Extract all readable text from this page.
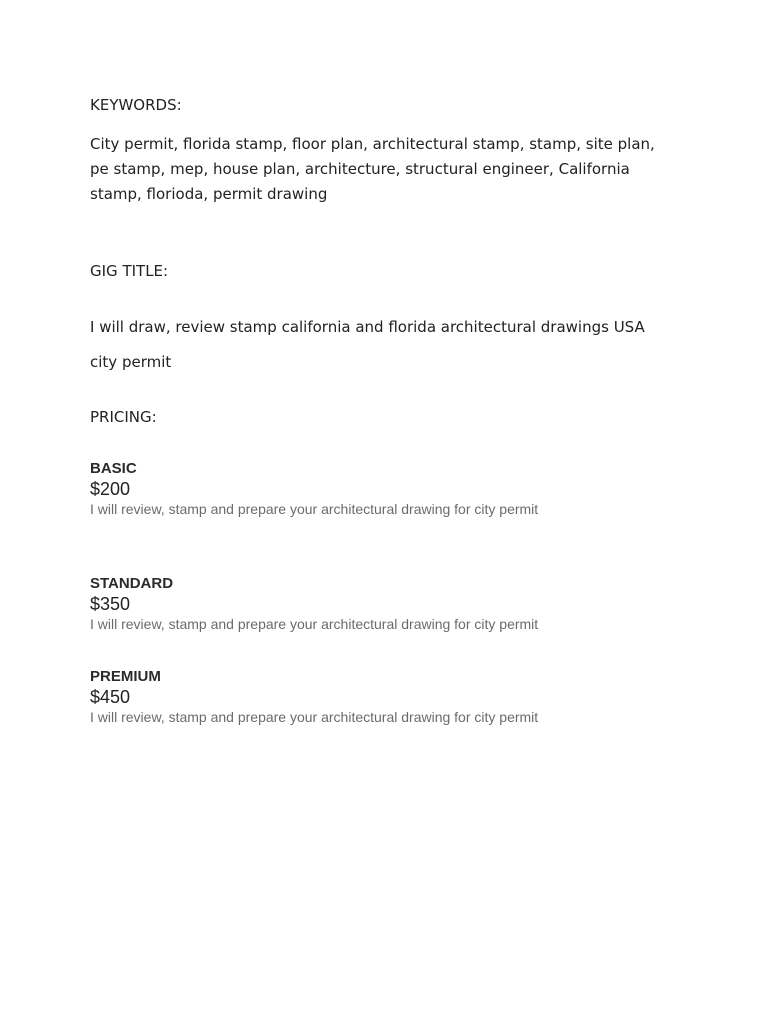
KEYWORDS:

City permit, florida stamp, floor plan, architectural stamp, stamp, site plan, pe stamp, mep, house plan, architecture, structural engineer, California stamp, florioda, permit drawing

GIG TITLE:

I will draw, review stamp california and florida architectural drawings USA city permit

PRICING:

BASIC
$200
I will review, stamp and prepare your architectural drawing for city permit
STANDARD
$350
I will review, stamp and prepare your architectural drawing for city permit
PREMIUM
$450
I will review, stamp and prepare your architectural drawing for city permit
